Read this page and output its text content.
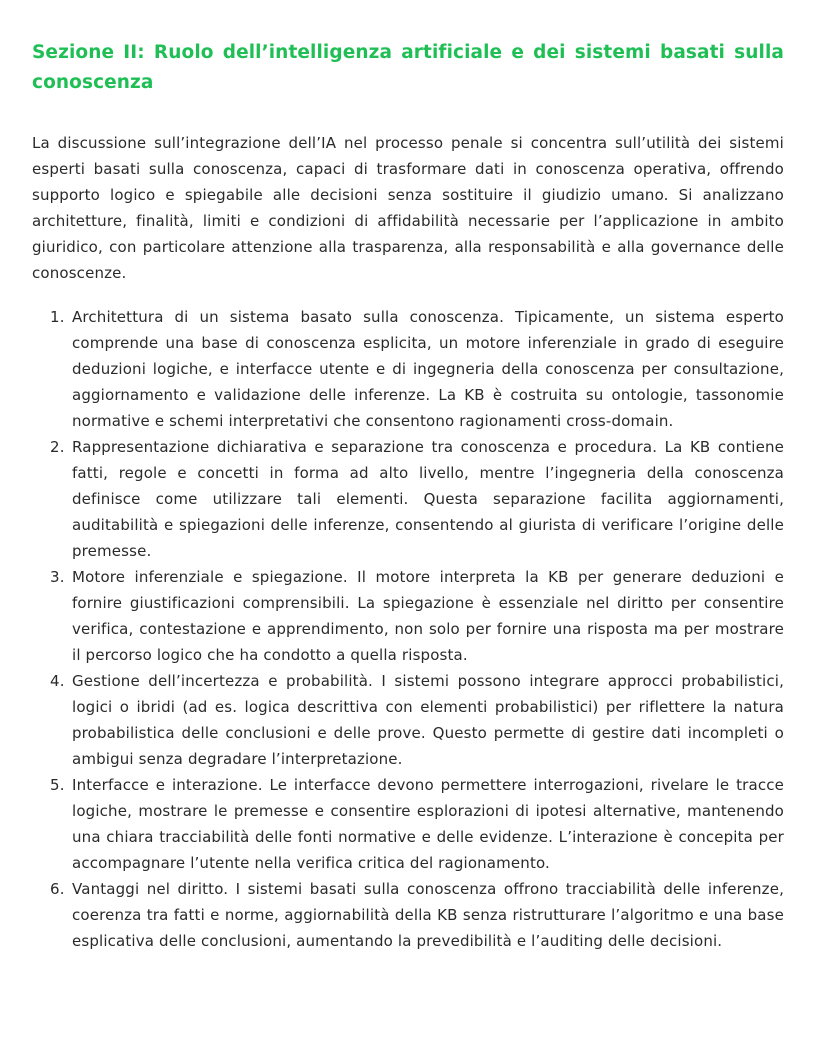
Sezione II: Ruolo dell’intelligenza artificiale e dei sistemi basati sulla conoscenza

La discussione sull’integrazione dell’IA nel processo penale si concentra sull’utilità dei sistemi esperti basati sulla conoscenza, capaci di trasformare dati in conoscenza operativa, offrendo supporto logico e spiegabile alle decisioni senza sostituire il giudizio umano. Si analizzano architetture, finalità, limiti e condizioni di affidabilità necessarie per l’applicazione in ambito giuridico, con particolare attenzione alla trasparenza, alla responsabilità e alla governance delle conoscenze.

1. Architettura di un sistema basato sulla conoscenza. Tipicamente, un sistema esperto comprende una base di conoscenza esplicita, un motore inferenziale in grado di eseguire deduzioni logiche, e interfacce utente e di ingegneria della conoscenza per consultazione, aggiornamento e validazione delle inferenze. La KB è costruita su ontologie, tassonomie normative e schemi interpretativi che consentono ragionamenti cross-domain.
2. Rappresentazione dichiarativa e separazione tra conoscenza e procedura. La KB contiene fatti, regole e concetti in forma ad alto livello, mentre l’ingegneria della conoscenza definisce come utilizzare tali elementi. Questa separazione facilita aggiornamenti, auditabilità e spiegazioni delle inferenze, consentendo al giurista di verificare l’origine delle premesse.
3. Motore inferenziale e spiegazione. Il motore interpreta la KB per generare deduzioni e fornire giustificazioni comprensibili. La spiegazione è essenziale nel diritto per consentire verifica, contestazione e apprendimento, non solo per fornire una risposta ma per mostrare il percorso logico che ha condotto a quella risposta.
4. Gestione dell’incertezza e probabilità. I sistemi possono integrare approcci probabilistici, logici o ibridi (ad es. logica descrittiva con elementi probabilistici) per riflettere la natura probabilistica delle conclusioni e delle prove. Questo permette di gestire dati incompleti o ambigui senza degradare l’interpretazione.
5. Interfacce e interazione. Le interfacce devono permettere interrogazioni, rivelare le tracce logiche, mostrare le premesse e consentire esplorazioni di ipotesi alternative, mantenendo una chiara tracciabilità delle fonti normative e delle evidenze. L’interazione è concepita per accompagnare l’utente nella verifica critica del ragionamento.
6. Vantaggi nel diritto. I sistemi basati sulla conoscenza offrono tracciabilità delle inferenze, coerenza tra fatti e norme, aggiornabilità della KB senza ristrutturare l’algoritmo e una base esplicativa delle conclusioni, aumentando la prevedibilità e l’auditing delle decisioni.
